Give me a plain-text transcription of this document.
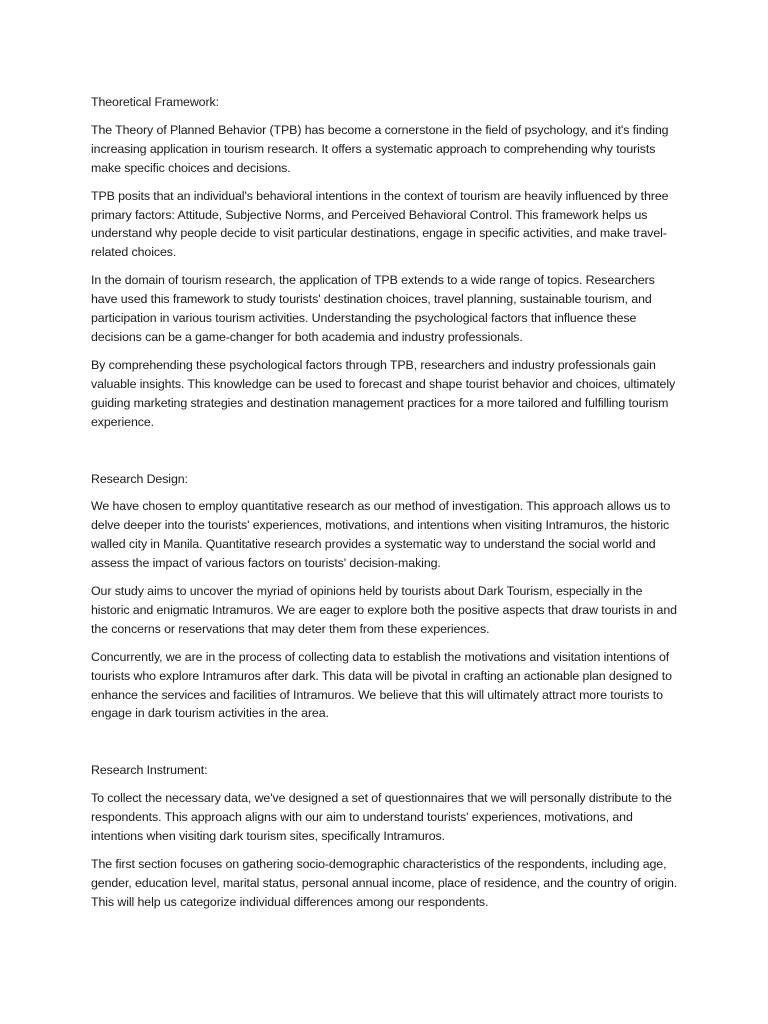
Theoretical Framework:

The Theory of Planned Behavior (TPB) has become a cornerstone in the field of psychology, and it's finding increasing application in tourism research. It offers a systematic approach to comprehending why tourists make specific choices and decisions.

TPB posits that an individual's behavioral intentions in the context of tourism are heavily influenced by three primary factors: Attitude, Subjective Norms, and Perceived Behavioral Control. This framework helps us understand why people decide to visit particular destinations, engage in specific activities, and make travel-related choices.

In the domain of tourism research, the application of TPB extends to a wide range of topics. Researchers have used this framework to study tourists' destination choices, travel planning, sustainable tourism, and participation in various tourism activities. Understanding the psychological factors that influence these decisions can be a game-changer for both academia and industry professionals.

By comprehending these psychological factors through TPB, researchers and industry professionals gain valuable insights. This knowledge can be used to forecast and shape tourist behavior and choices, ultimately guiding marketing strategies and destination management practices for a more tailored and fulfilling tourism experience.

Research Design:

We have chosen to employ quantitative research as our method of investigation. This approach allows us to delve deeper into the tourists' experiences, motivations, and intentions when visiting Intramuros, the historic walled city in Manila. Quantitative research provides a systematic way to understand the social world and assess the impact of various factors on tourists' decision-making.

Our study aims to uncover the myriad of opinions held by tourists about Dark Tourism, especially in the historic and enigmatic Intramuros. We are eager to explore both the positive aspects that draw tourists in and the concerns or reservations that may deter them from these experiences.

Concurrently, we are in the process of collecting data to establish the motivations and visitation intentions of tourists who explore Intramuros after dark. This data will be pivotal in crafting an actionable plan designed to enhance the services and facilities of Intramuros. We believe that this will ultimately attract more tourists to engage in dark tourism activities in the area.

Research Instrument:

To collect the necessary data, we've designed a set of questionnaires that we will personally distribute to the respondents. This approach aligns with our aim to understand tourists' experiences, motivations, and intentions when visiting dark tourism sites, specifically Intramuros.

The first section focuses on gathering socio-demographic characteristics of the respondents, including age, gender, education level, marital status, personal annual income, place of residence, and the country of origin. This will help us categorize individual differences among our respondents.
